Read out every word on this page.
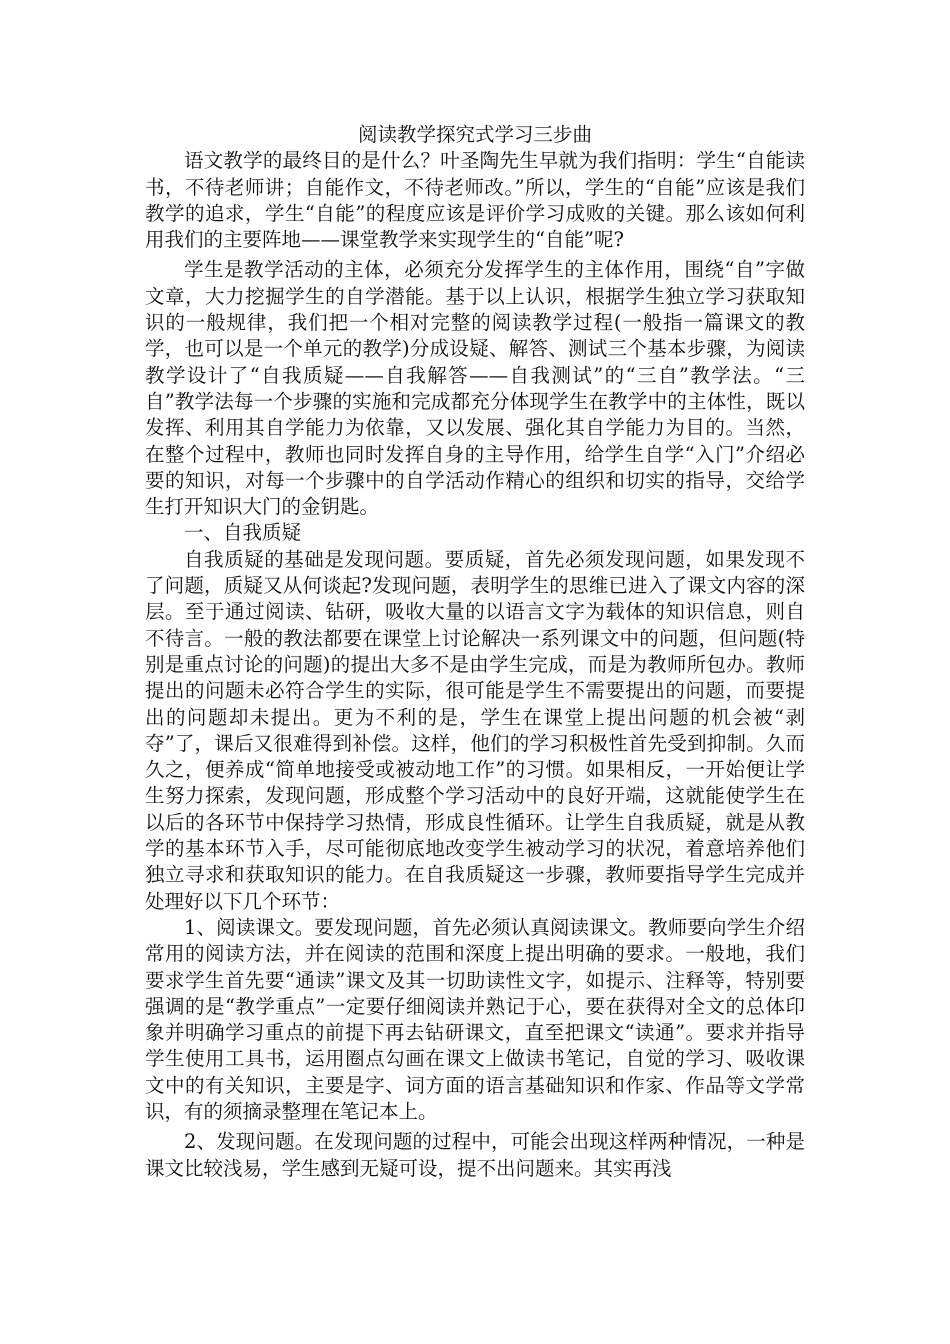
阅读教学探究式学习三步曲

语文教学的最终目的是什么？叶圣陶先生早就为我们指明：学生“自能读书，不待老师讲；自能作文，不待老师改。”所以，学生的“自能”应该是我们教学的追求，学生“自能”的程度应该是评价学习成败的关键。那么该如何利用我们的主要阵地——课堂教学来实现学生的“自能”呢?

学生是教学活动的主体，必须充分发挥学生的主体作用，围绕“自”字做文章，大力挖掘学生的自学潜能。基于以上认识，根据学生独立学习获取知识的一般规律，我们把一个相对完整的阅读教学过程(一般指一篇课文的教学，也可以是一个单元的教学)分成设疑、解答、测试三个基本步骤，为阅读教学设计了“自我质疑——自我解答——自我测试”的“三自”教学法。“三自”教学法每一个步骤的实施和完成都充分体现学生在教学中的主体性，既以发挥、利用其自学能力为依靠，又以发展、强化其自学能力为目的。当然，在整个过程中，教师也同时发挥自身的主导作用，给学生自学“入门”介绍必要的知识，对每一个步骤中的自学活动作精心的组织和切实的指导，交给学生打开知识大门的金钥匙。

一、自我质疑

自我质疑的基础是发现问题。要质疑，首先必须发现问题，如果发现不了问题，质疑又从何谈起?发现问题，表明学生的思维已进入了课文内容的深层。至于通过阅读、钻研，吸收大量的以语言文字为载体的知识信息，则自不待言。一般的教法都要在课堂上讨论解决一系列课文中的问题，但问题(特别是重点讨论的问题)的提出大多不是由学生完成，而是为教师所包办。教师提出的问题未必符合学生的实际，很可能是学生不需要提出的问题，而要提出的问题却未提出。更为不利的是，学生在课堂上提出问题的机会被“剥夺”了，课后又很难得到补偿。这样，他们的学习积极性首先受到抑制。久而久之，便养成“简单地接受或被动地工作”的习惯。如果相反，一开始便让学生努力探索，发现问题，形成整个学习活动中的良好开端，这就能使学生在以后的各环节中保持学习热情，形成良性循环。让学生自我质疑，就是从教学的基本环节入手，尽可能彻底地改变学生被动学习的状况，着意培养他们独立寻求和获取知识的能力。在自我质疑这一步骤，教师要指导学生完成并处理好以下几个环节：

1、阅读课文。要发现问题，首先必须认真阅读课文。教师要向学生介绍常用的阅读方法，并在阅读的范围和深度上提出明确的要求。一般地，我们要求学生首先要“通读”课文及其一切助读性文字，如提示、注释等，特别要强调的是“教学重点”一定要仔细阅读并熟记于心，要在获得对全文的总体印象并明确学习重点的前提下再去钻研课文，直至把课文“读通”。要求并指导学生使用工具书，运用圈点勾画在课文上做读书笔记，自觉的学习、吸收课文中的有关知识，主要是字、词方面的语言基础知识和作家、作品等文学常识，有的须摘录整理在笔记本上。

2、发现问题。在发现问题的过程中，可能会出现这样两种情况，一种是课文比较浅易，学生感到无疑可设，提不出问题来。其实再浅
